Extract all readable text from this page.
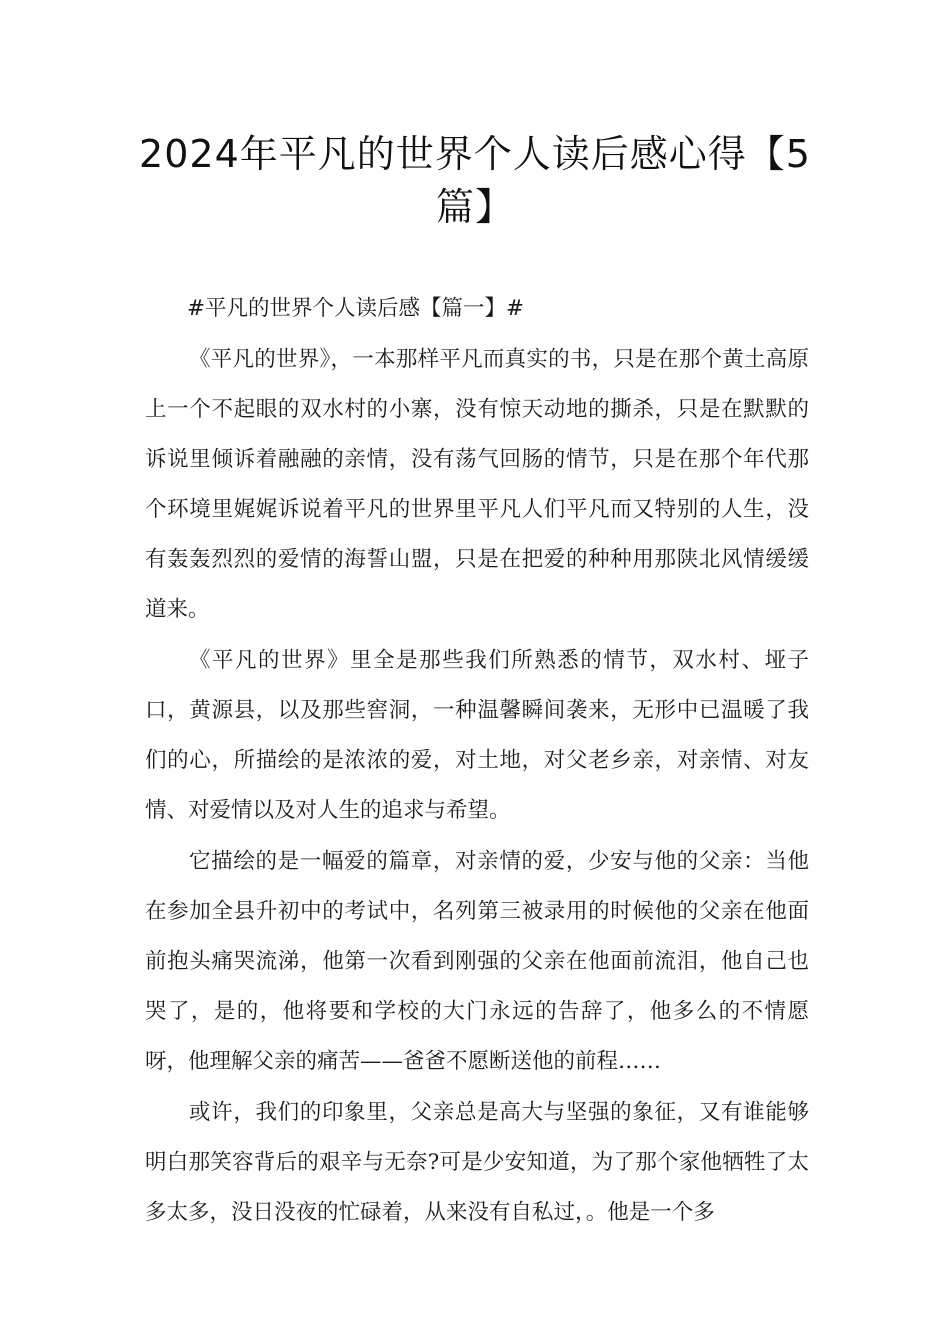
2024年平凡的世界个人读后感心得【5篇】

#平凡的世界个人读后感【篇一】#

《平凡的世界》，一本那样平凡而真实的书，只是在那个黄土高原上一个不起眼的双水村的小寨，没有惊天动地的撕杀，只是在默默的诉说里倾诉着融融的亲情，没有荡气回肠的情节，只是在那个年代那个环境里娓娓诉说着平凡的世界里平凡人们平凡而又特别的人生，没有轰轰烈烈的爱情的海誓山盟，只是在把爱的种种用那陕北风情缓缓道来。

《平凡的世界》里全是那些我们所熟悉的情节，双水村、垭子口，黄源县，以及那些窖洞，一种温馨瞬间袭来，无形中已温暖了我们的心，所描绘的是浓浓的爱，对土地，对父老乡亲，对亲情、对友情、对爱情以及对人生的追求与希望。

它描绘的是一幅爱的篇章，对亲情的爱，少安与他的父亲：当他在参加全县升初中的考试中，名列第三被录用的时候他的父亲在他面前抱头痛哭流涕，他第一次看到刚强的父亲在他面前流泪，他自己也哭了，是的，他将要和学校的大门永远的告辞了，他多么的不情愿呀，他理解父亲的痛苦——爸爸不愿断送他的前程……

或许，我们的印象里，父亲总是高大与坚强的象征，又有谁能够明白那笑容背后的艰辛与无奈?可是少安知道，为了那个家他牺牲了太多太多，没日没夜的忙碌着，从来没有自私过，。他是一个多
